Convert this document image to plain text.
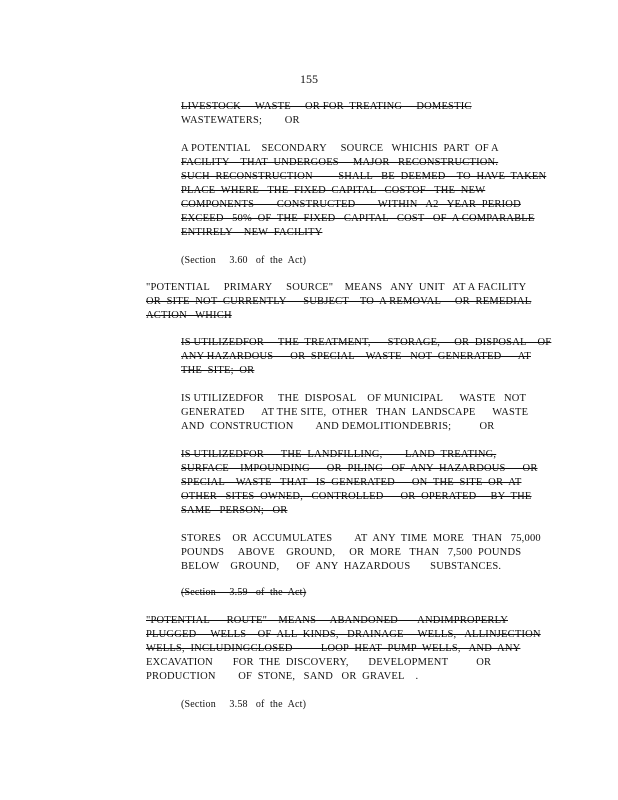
155
LIVESTOCK     WASTE     OR FOR  TREATING     DOMESTIC
WASTEWATERS;        OR
A POTENTIAL    SECONDARY     SOURCE   WHICHIS  PART  OF A
FACILITY    THAT  UNDERGOES     MAJOR   RECONSTRUCTION.
SUCH  RECONSTRUCTION         SHALL   BE  DEEMED    TO  HAVE  TAKEN
PLACE  WHERE   THE  FIXED  CAPITAL   COSTOF   THE  NEW
COMPONENTS        CONSTRUCTED        WITHIN   A2   YEAR  PERIOD
EXCEED   50%  OF  THE  FIXED   CAPITAL   COST   OF  A COMPARABLE
ENTIRELY    NEW  FACILITY
(Section     3.60   of  the  Act)
"POTENTIAL     PRIMARY     SOURCE"    MEANS   ANY  UNIT   AT A FACILITY
OR  SITE  NOT  CURRENTLY      SUBJECT    TO  A REMOVAL     OR  REMEDIAL
ACTION   WHICH
IS UTILIZEDFOR     THE  TREATMENT,      STORAGE,     OR  DISPOSAL    OF
ANY HAZARDOUS      OR  SPECIAL    WASTE   NOT  GENERATED      AT
THE  SITE;  OR
IS UTILIZEDFOR     THE  DISPOSAL    OF MUNICIPAL      WASTE   NOT
GENERATED      AT THE SITE,  OTHER   THAN  LANDSCAPE      WASTE
AND  CONSTRUCTION        AND DEMOLITIONDEBRIS;          OR
IS UTILIZEDFOR      THE  LANDFILLING,        LAND  TREATING,
SURFACE    IMPOUNDING      OR  PILING   OF  ANY  HAZARDOUS      OR
SPECIAL    WASTE   THAT   IS  GENERATED      ON  THE  SITE  OR  AT
OTHER   SITES  OWNED,   CONTROLLED      OR  OPERATED     BY  THE
SAME   PERSON;   OR
STORES    OR  ACCUMULATES        AT  ANY  TIME  MORE   THAN   75,000
POUNDS     ABOVE    GROUND,     OR  MORE   THAN   7,500  POUNDS
BELOW    GROUND,      OF  ANY  HAZARDOUS       SUBSTANCES.
(Section     3.59   of  the  Act)
"POTENTIAL      ROUTE"    MEANS     ABANDONED       ANDIMPROPERLY
PLUGGED     WELLS    OF  ALL  KINDS,   DRAINAGE     WELLS,   ALLINJECTION
WELLS,  INCLUDINGCLOSED          LOOP  HEAT  PUMP  WELLS,   AND  ANY
EXCAVATION       FOR  THE  DISCOVERY,       DEVELOPMENT          OR
PRODUCTION        OF  STONE,   SAND   OR  GRAVEL    .
(Section     3.58   of  the  Act)
